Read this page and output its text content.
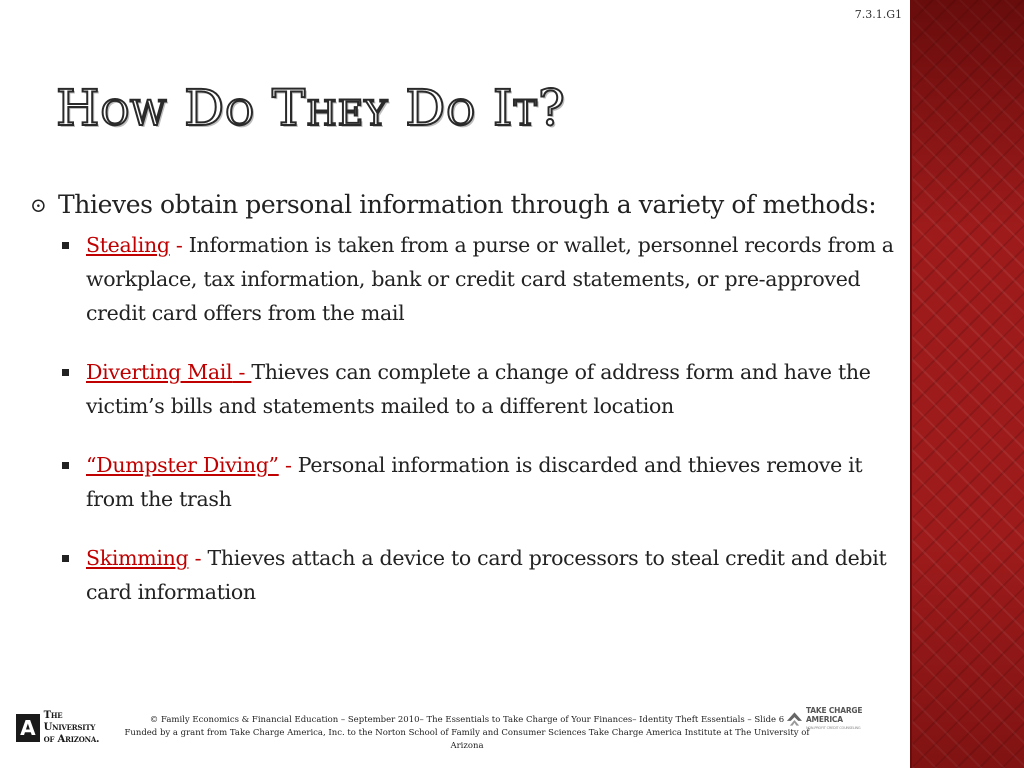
7.3.1.G1
How Do They Do It?
⊙ Thieves obtain personal information through a variety of methods:
Stealing - Information is taken from a purse or wallet, personnel records from a workplace, tax information, bank or credit card statements, or pre-approved credit card offers from the mail
Diverting Mail - Thieves can complete a change of address form and have the victim’s bills and statements mailed to a different location
“Dumpster Diving” - Personal information is discarded and thieves remove it from the trash
Skimming - Thieves attach a device to card processors to steal credit and debit card information
A
The University
of Arizona.
© Family Economics & Financial Education – September 2010– The Essentials to Take Charge of Your Finances– Identity Theft Essentials – Slide 6
Funded by a grant from Take Charge America, Inc. to the Norton School of Family and Consumer Sciences Take Charge America Institute at The University of Arizona
TAKE CHARGE AMERICA
NON-PROFIT CREDIT COUNSELING
